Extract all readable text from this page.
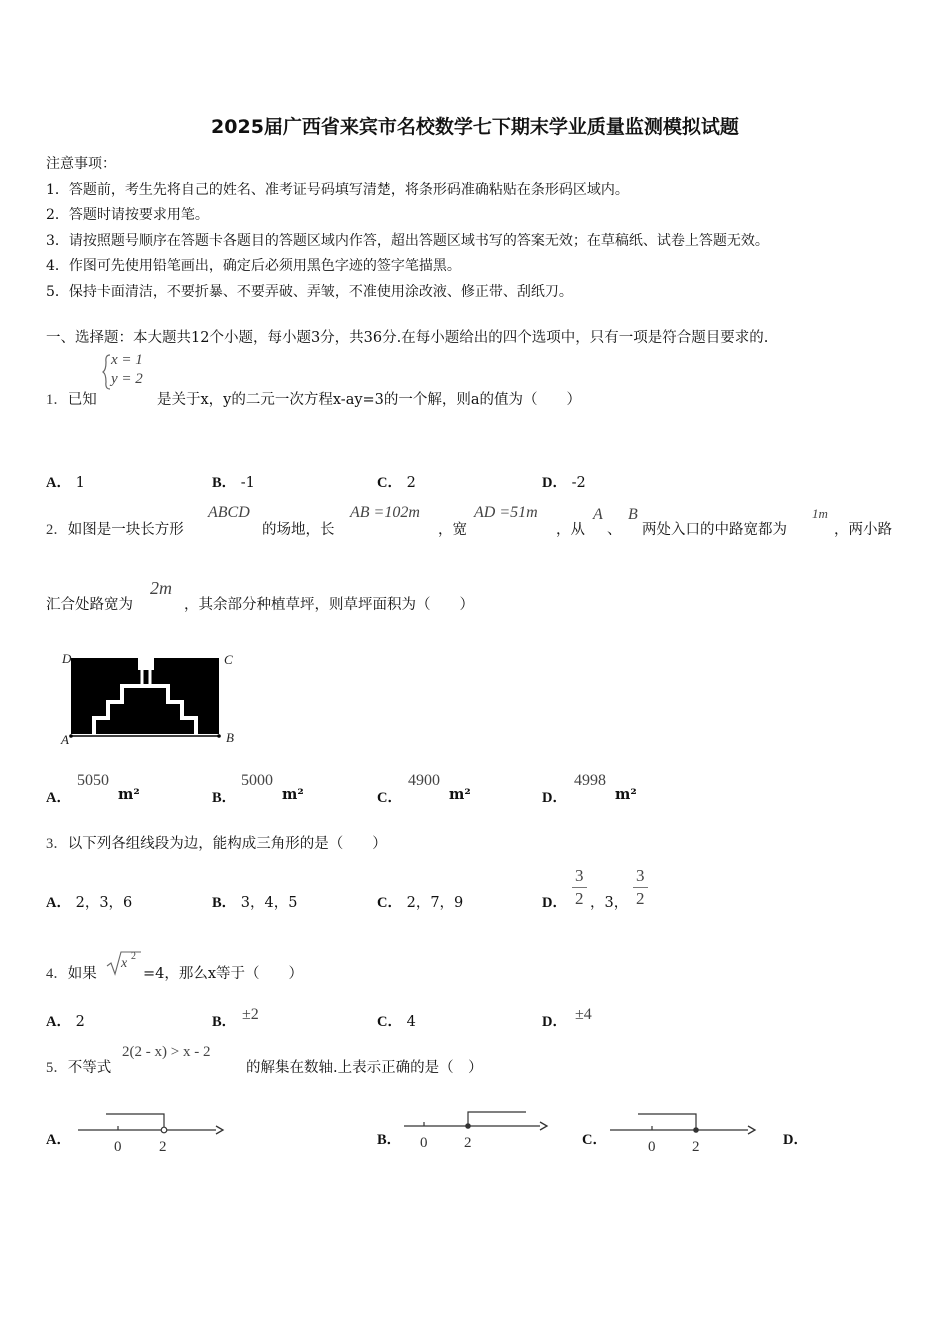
2025届广西省来宾市名校数学七下期末学业质量监测模拟试题
注意事项：
1．答题前，考生先将自己的姓名、准考证号码填写清楚，将条形码准确粘贴在条形码区域内。
2．答题时请按要求用笔。
3．请按照题号顺序在答题卡各题目的答题区域内作答，超出答题区域书写的答案无效；在草稿纸、试卷上答题无效。
4．作图可先使用铅笔画出，确定后必须用黑色字迹的签字笔描黑。
5．保持卡面清洁，不要折暴、不要弄破、弄皱，不准使用涂改液、修正带、刮纸刀。
一、选择题：本大题共12个小题，每小题3分，共36分.在每小题给出的四个选项中，只有一项是符合题目要求的.
1．已知
x = 1
y = 2
是关于x，y的二元一次方程x-ay=3的一个解，则a的值为（　　）
A． 1	B． -1	C． 2	D． -2
2．如图是一块长方形
ABCD
的场地，长
AB =102m
，宽
AD =51m
，从
A
、
B
两处入口的中路宽都为
1m
，两小路
汇合处路宽为
2m
，其余部分种植草坪，则草坪面积为（　　）
D	C
A	B
A．
5050
m²	B．
5000
m²	C．
4900
m²	D．
4998
m²
3．以下列各组线段为边，能构成三角形的是（　　）
A． 2，3，6	B． 3，4，5	C． 2，7，9	D． $\frac{3}{2}$ ，3， $\frac{3}{2}$
4．如果
x 2
=4，那么x等于（　　）
A． 2	B． ±2	C． 4	D． ±4
5．不等式
2(2 - x) > x - 2
的解集在数轴.上表示正确的是（　）
A．	0	2	B． 0 2	C．	0 2	D．
